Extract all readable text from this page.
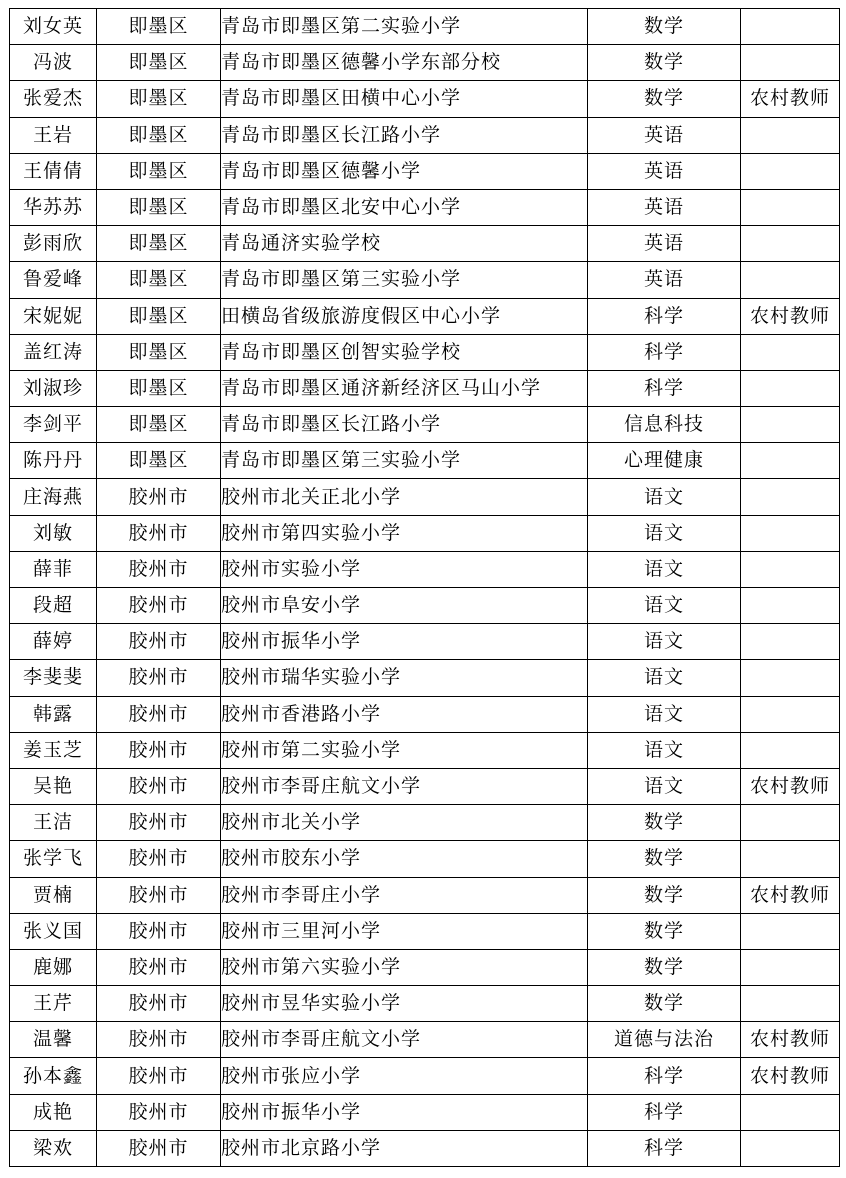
刘女英	即墨区	青岛市即墨区第二实验小学	数学	
冯波	即墨区	青岛市即墨区德馨小学东部分校	数学	
张爱杰	即墨区	青岛市即墨区田横中心小学	数学	农村教师
王岩	即墨区	青岛市即墨区长江路小学	英语	
王倩倩	即墨区	青岛市即墨区德馨小学	英语	
华苏苏	即墨区	青岛市即墨区北安中心小学	英语	
彭雨欣	即墨区	青岛通济实验学校	英语	
鲁爱峰	即墨区	青岛市即墨区第三实验小学	英语	
宋妮妮	即墨区	田横岛省级旅游度假区中心小学	科学	农村教师
盖红涛	即墨区	青岛市即墨区创智实验学校	科学	
刘淑珍	即墨区	青岛市即墨区通济新经济区马山小学	科学	
李剑平	即墨区	青岛市即墨区长江路小学	信息科技	
陈丹丹	即墨区	青岛市即墨区第三实验小学	心理健康	
庄海燕	胶州市	胶州市北关正北小学	语文	
刘敏	胶州市	胶州市第四实验小学	语文	
薛菲	胶州市	胶州市实验小学	语文	
段超	胶州市	胶州市阜安小学	语文	
薛婷	胶州市	胶州市振华小学	语文	
李斐斐	胶州市	胶州市瑞华实验小学	语文	
韩露	胶州市	胶州市香港路小学	语文	
姜玉芝	胶州市	胶州市第二实验小学	语文	
吴艳	胶州市	胶州市李哥庄航文小学	语文	农村教师
王洁	胶州市	胶州市北关小学	数学	
张学飞	胶州市	胶州市胶东小学	数学	
贾楠	胶州市	胶州市李哥庄小学	数学	农村教师
张义国	胶州市	胶州市三里河小学	数学	
鹿娜	胶州市	胶州市第六实验小学	数学	
王芹	胶州市	胶州市昱华实验小学	数学	
温馨	胶州市	胶州市李哥庄航文小学	道德与法治	农村教师
孙本鑫	胶州市	胶州市张应小学	科学	农村教师
成艳	胶州市	胶州市振华小学	科学	
梁欢	胶州市	胶州市北京路小学	科学	
